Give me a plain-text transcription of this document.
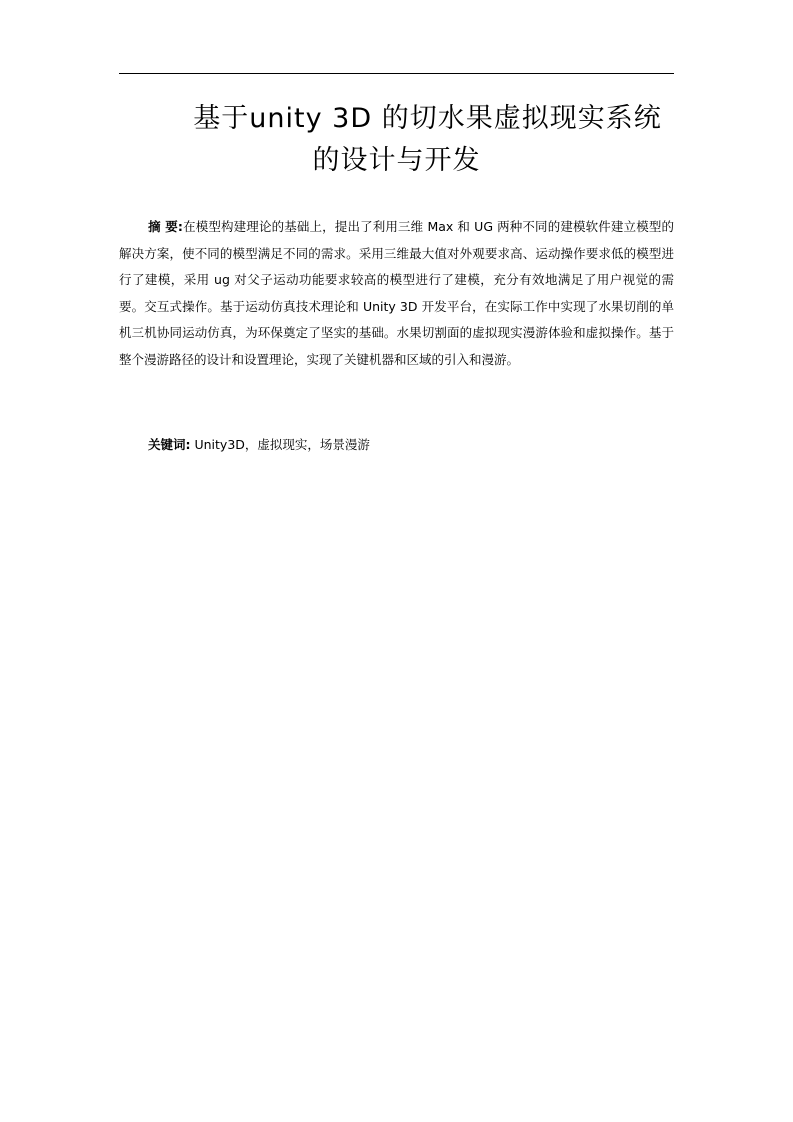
基于unity 3D 的切水果虚拟现实系统
的设计与开发

摘 要:在模型构建理论的基础上，提出了利用三维 Max 和 UG 两种不同的建模软件建立模型的解决方案，使不同的模型满足不同的需求。采用三维最大值对外观要求高、运动操作要求低的模型进行了建模，采用 ug 对父子运动功能要求较高的模型进行了建模，充分有效地满足了用户视觉的需要。交互式操作。基于运动仿真技术理论和 Unity 3D 开发平台，在实际工作中实现了水果切削的单机三机协同运动仿真，为环保奠定了坚实的基础。水果切割面的虚拟现实漫游体验和虚拟操作。基于整个漫游路径的设计和设置理论，实现了关键机器和区域的引入和漫游。

关键词: Unity3D，虚拟现实，场景漫游
